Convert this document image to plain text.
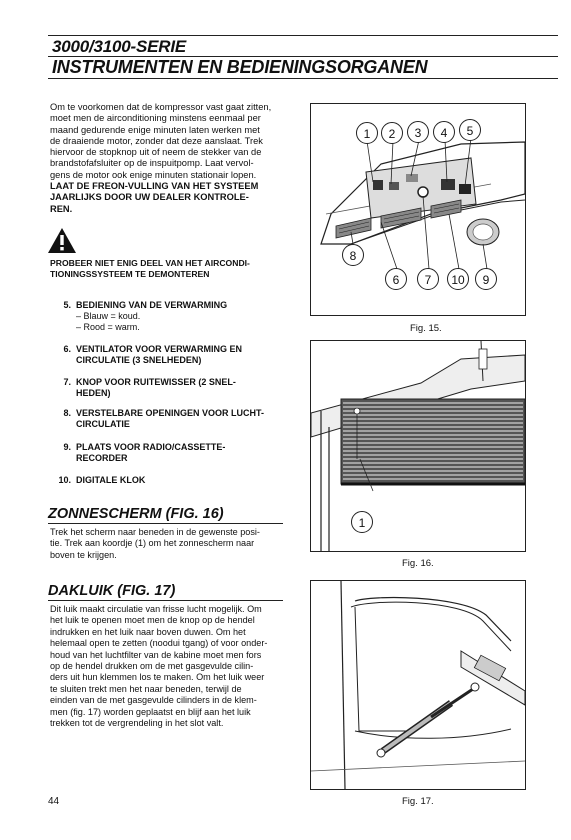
3000/3100-SERIE
INSTRUMENTEN EN BEDIENINGSORGANEN
Om te voorkomen dat de kompressor vast gaat zitten,
moet men de airconditioning minstens eenmaal per
maand gedurende enige minuten laten werken met
de draaiende motor, zonder dat deze aanslaat. Trek
hiervoor de stopknop uit of neem de stekker van de
brandstofafsluiter op de inspuitpomp. Laat vervol-
gens de motor ook enige minuten stationair lopen.
LAAT DE FREON-VULLING VAN HET SYSTEEM
JAARLIJKS DOOR UW DEALER KONTROLE-
REN.
PROBEER NIET ENIG DEEL VAN HET AIRCONDI-
TIONINGSSYSTEEM TE DEMONTEREN
5. BEDIENING VAN DE VERWARMING
– Blauw = koud.
– Rood = warm.
6. VENTILATOR VOOR VERWARMING EN
CIRCULATIE (3 SNELHEDEN)
7. KNOP VOOR RUITEWISSER (2 SNEL-
HEDEN)
8. VERSTELBARE OPENINGEN VOOR LUCHT-
CIRCULATIE
9. PLAATS VOOR RADIO/CASSETTE-
RECORDER
10. DIGITALE KLOK
ZONNESCHERM (FIG. 16)
Trek het scherm naar beneden in de gewenste posi-
tie. Trek aan koordje (1) om het zonnescherm naar
boven te krijgen.
DAKLUIK (FIG. 17)
Dit luik maakt circulatie van frisse lucht mogelijk. Om
het luik te openen moet men de knop op de hendel
indrukken en het luik naar boven duwen. Om het
helemaal open te zetten (noodui tgang) of voor onder-
houd van het luchtfilter van de kabine moet men fors
op de hendel drukken om de met gasgevulde cilin-
ders uit hun klemmen los te maken. Om het luik weer
te sluiten trekt men het naar beneden, terwijl de
einden van de met gasgevulde cilinders in de klem-
men (fig. 17) worden geplaatst en blijf aan het luik
trekken tot de vergrendeling in het slot valt.
1	2	3	4	5
8
6	7	10	9
Fig. 15.
1
Fig. 16.
Fig. 17.
44
